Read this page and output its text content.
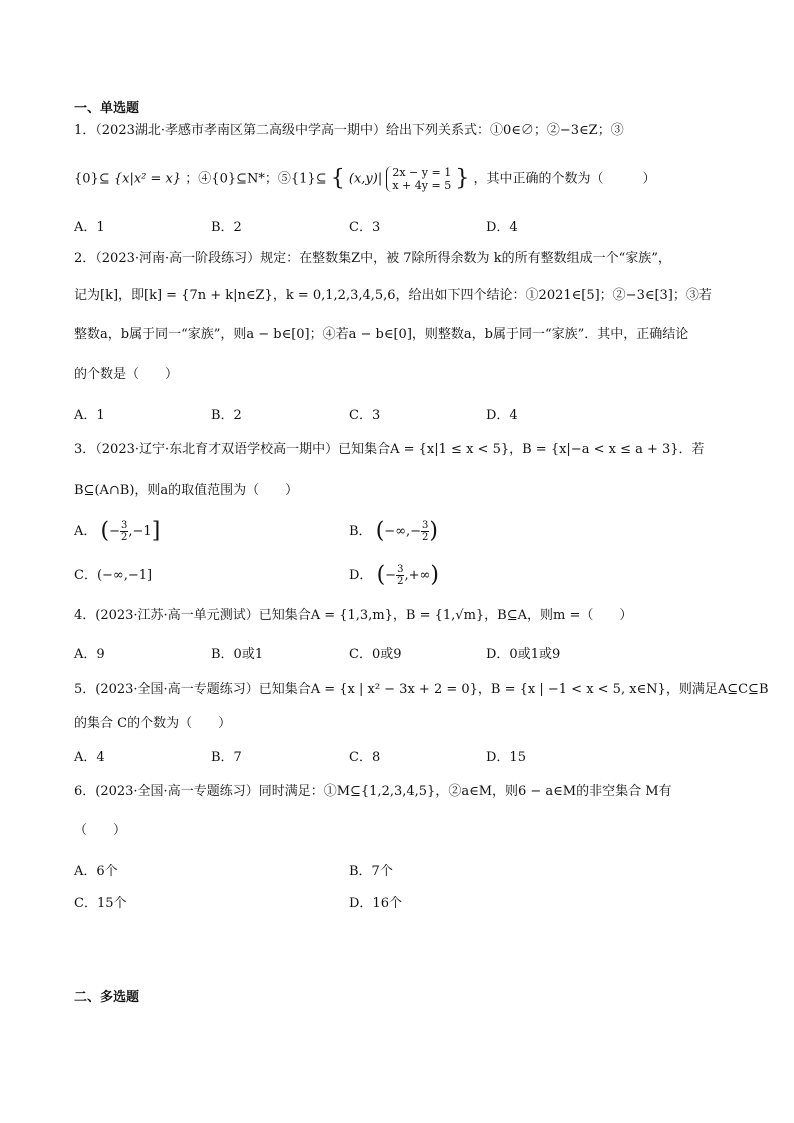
一、单选题
1．（2023湖北·孝感市孝南区第二高级中学高一期中）给出下列关系式：①0∈∅；②−3∈Z；③
{0}⊆ {x|x² = x} ；④{0}⊆N*；⑤{1}⊆ { (x,y)| 2x − y = 1
x + 4y = 5 } ，其中正确的个数为（　　　）
A．1	B．2	C．3	D．4
2．（2023·河南·高一阶段练习）规定：在整数集Z中，被 7除所得余数为 k的所有整数组成一个“家族”，
记为[k]，即[k] = {7n + k|n∈Z}，k = 0,1,2,3,4,5,6，给出如下四个结论：①2021∈[5]；②−3∈[3]；③若
整数a，b属于同一“家族”，则a − b∈[0]；④若a − b∈[0]，则整数a，b属于同一“家族”．其中，正确结论
的个数是（　　）
A．1	B．2	C．3	D．4
3．（2023·辽宁·东北育才双语学校高一期中）已知集合A = {x|1 ≤ x < 5}，B = {x|−a < x ≤ a + 3}．若
B⊆(A∩B)，则a的取值范围为（　　）
A． (− $\frac{3}{2} ,-1$]	B． (−∞,− $\frac{3}{2}$ )
C．(−∞,−1]	D． (− $\frac{3}{2}$ ,+∞)
4．(2023·江苏·高一单元测试）已知集合A = {1,3,m}，B = {1,√m}，B⊆A，则m =（　　）
A．9	B．0或1	C．0或9	D．0或1或9
5．(2023·全国·高一专题练习）已知集合A = {x | x² − 3x + 2 = 0}，B = {x | −1 < x < 5, x∈N}，则满足A⊆C⊆B
的集合 C的个数为（　　）
A．4	B．7	C．8	D．15
6．(2023·全国·高一专题练习）同时满足：①M⊆{1,2,3,4,5}，②a∈M，则6 − a∈M的非空集合 M有
（　　）
A．6个	B．7个
C．15个	D．16个
二、多选题
